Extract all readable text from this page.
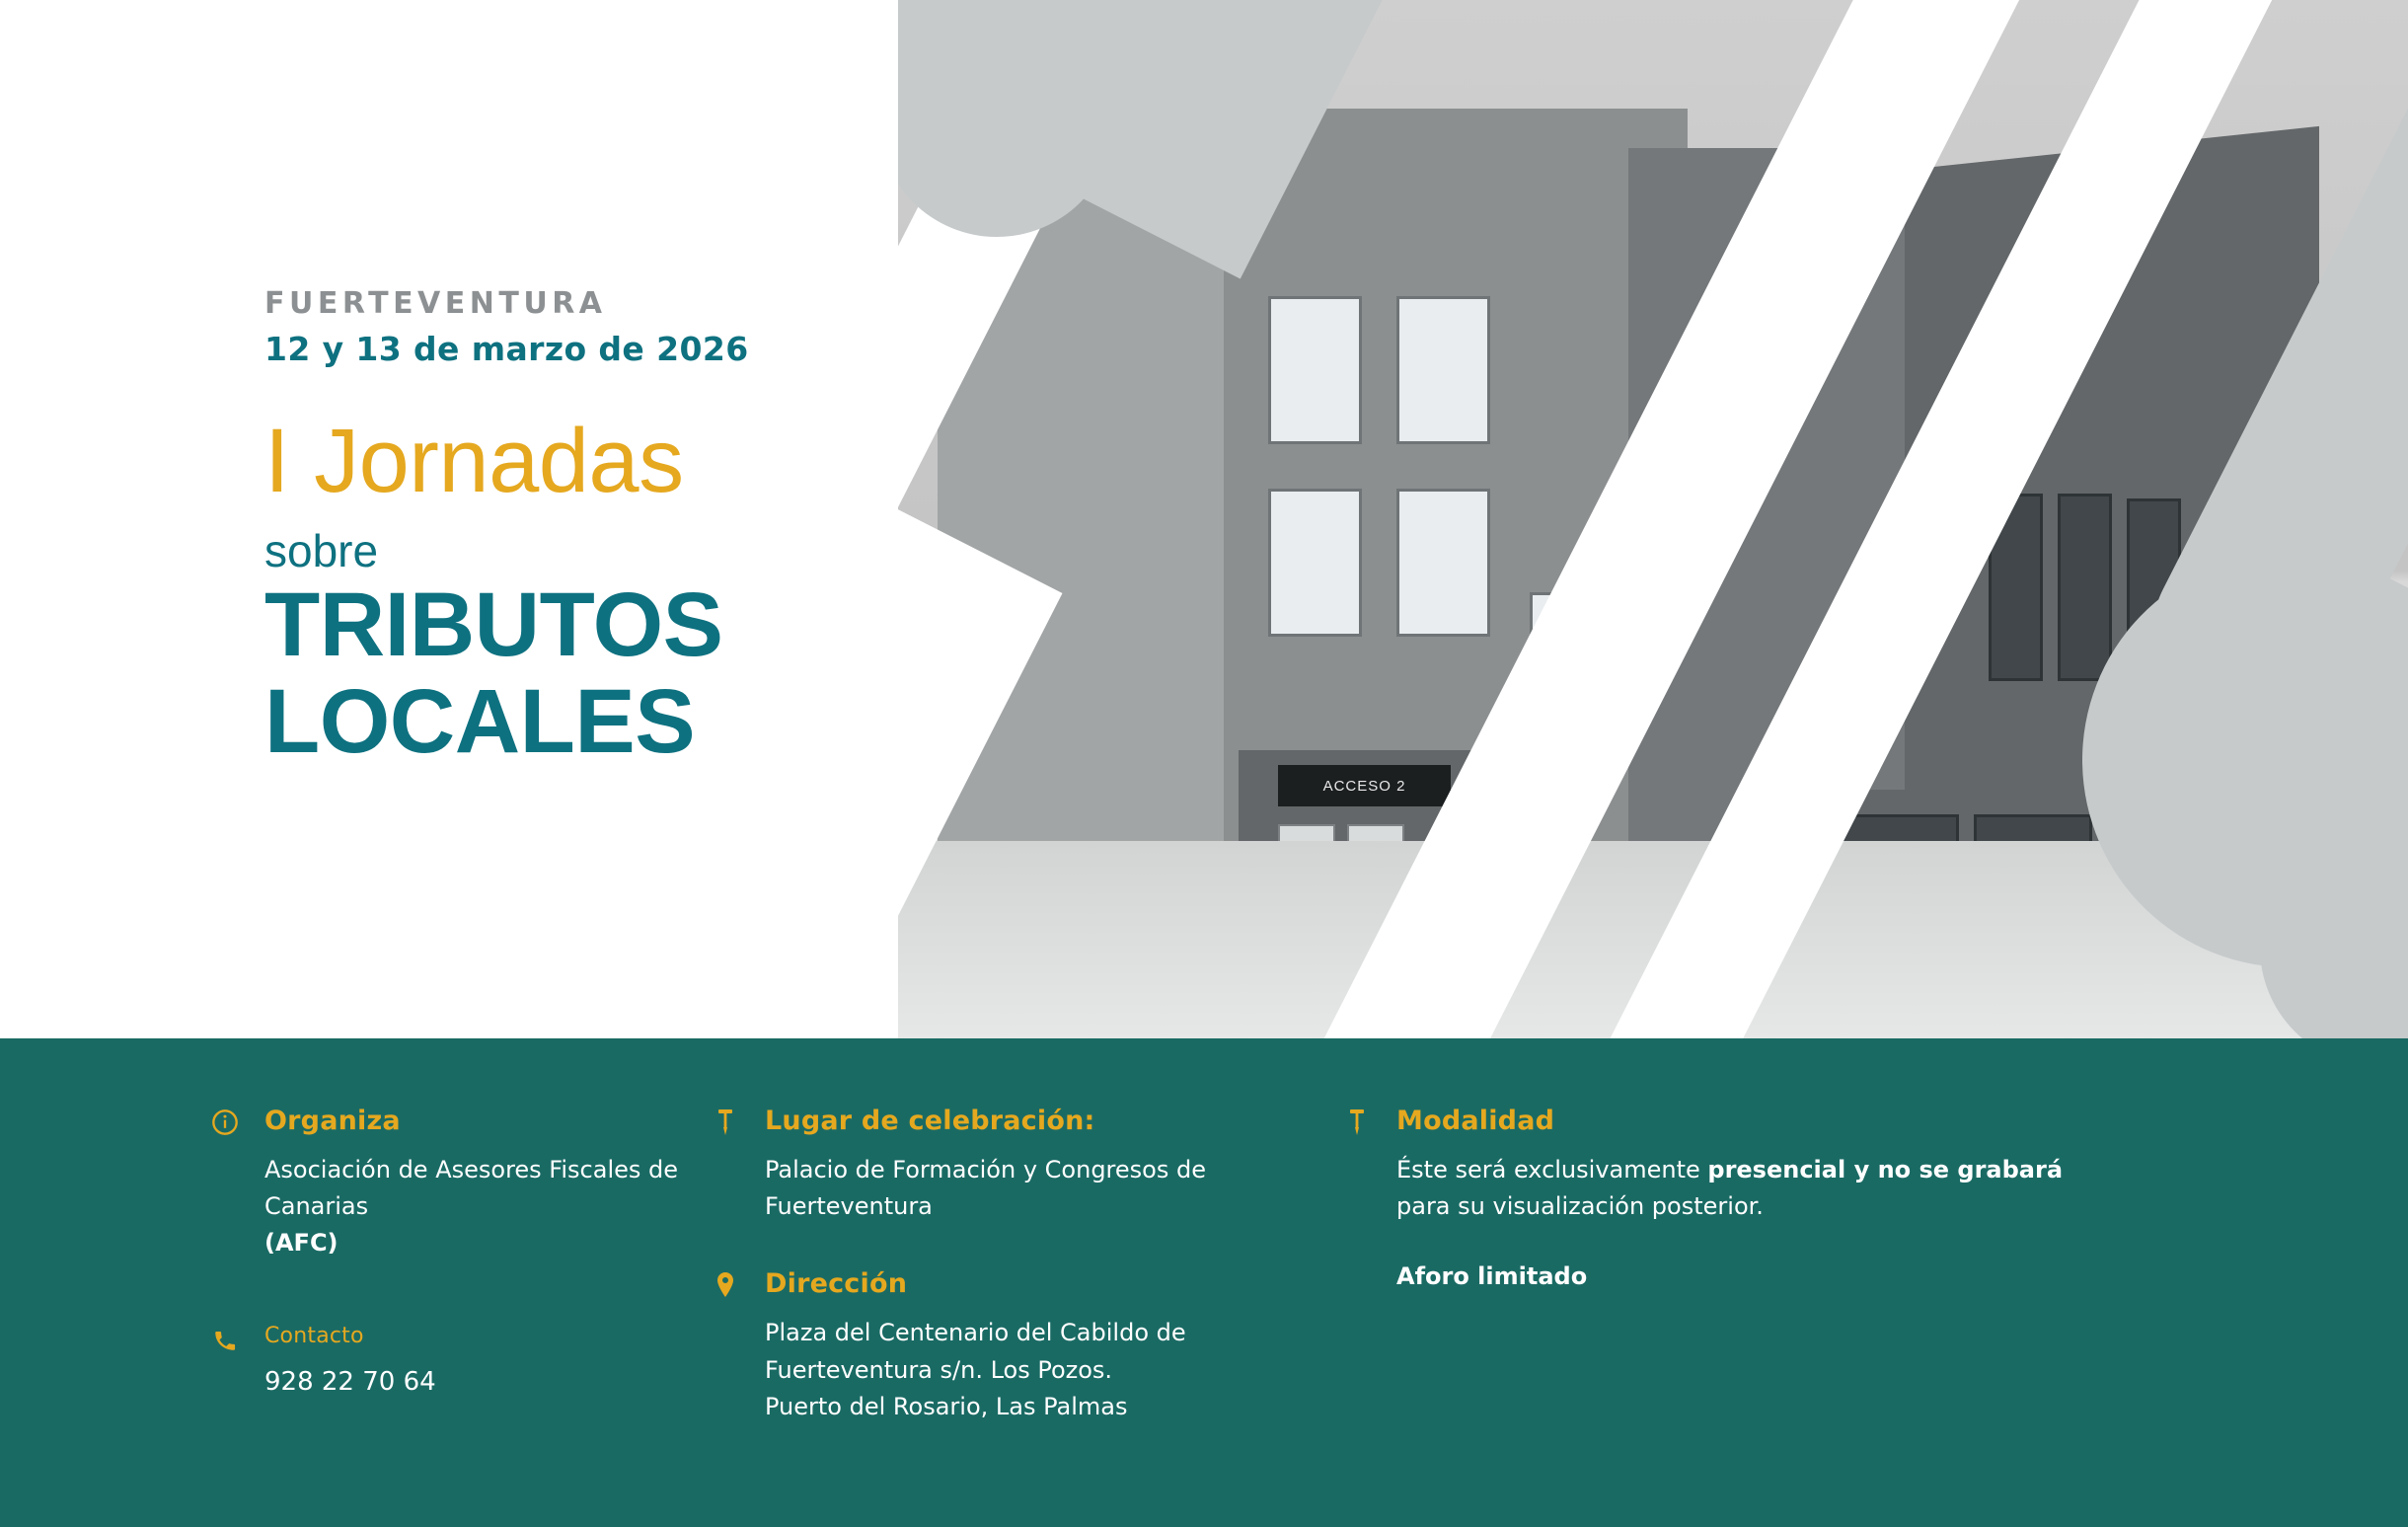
ACCESO 2
FUERTEVENTURA
12 y 13 de marzo de 2026
I Jornadas
sobre
TRIBUTOS
LOCALES
Organiza
Asociación de Asesores Fiscales de Canarias
(AFC)
Contacto
928 22 70 64
Lugar de celebración:
Palacio de Formación y Congresos de
Fuerteventura
Dirección
Plaza del Centenario del Cabildo de
Fuerteventura s/n. Los Pozos.
Puerto del Rosario, Las Palmas
Modalidad
Éste será exclusivamente presencial y no se grabará para su visualización posterior.
Aforo limitado
